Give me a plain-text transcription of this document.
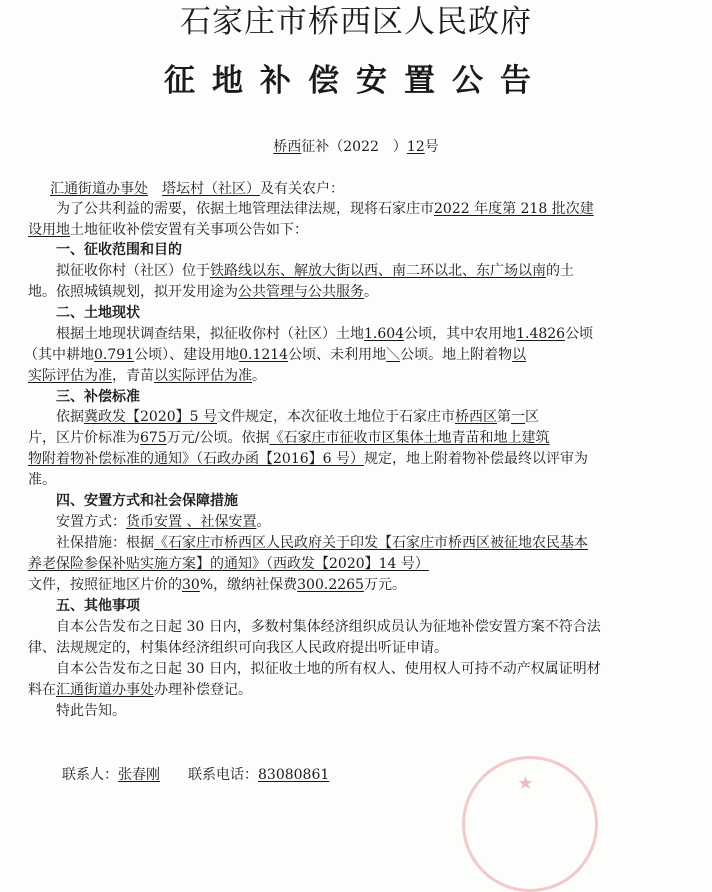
石家庄市桥西区人民政府
征地补偿安置公告
桥西征补（2022　）12号
汇通街道办事处　 塔坛村（社区）及有关农户：
为了公共利益的需要，依据土地管理法律法规，现将石家庄市2022 年度第 218 批次建
设用地土地征收补偿安置有关事项公告如下：
一、征收范围和目的
拟征收你村（社区）位于铁路线以东、解放大街以西、南二环以北、东广场以南的土
地。依照城镇规划，拟开发用途为公共管理与公共服务。
二、土地现状
根据土地现状调查结果，拟征收你村（社区）土地1.604公顷，其中农用地1.4826公顷
（其中耕地0.791公顷）、建设用地0.1214公顷、未利用地＼公顷。地上附着物以
实际评估为准，青苗以实际评估为准。
三、补偿标准
依据冀政发【2020】5 号文件规定，本次征收土地位于石家庄市桥西区第一区
片，区片价标准为675万元/公顷。依据《石家庄市征收市区集体土地青苗和地上建筑
物附着物补偿标准的通知》（石政办函【2016】6 号）规定，地上附着物补偿最终以评审为
准。
四、安置方式和社会保障措施
安置方式：货币安置 、社保安置。
社保措施：根据《石家庄市桥西区人民政府关于印发【石家庄市桥西区被征地农民基本
养老保险参保补贴实施方案】的通知》（西政发【2020】14 号）
文件，按照征地区片价的30%，缴纳社保费300.2265万元。
五、其他事项
自本公告发布之日起 30 日内，多数村集体经济组织成员认为征地补偿安置方案不符合法
律、法规规定的，村集体经济组织可向我区人民政府提出听证申请。
自本公告发布之日起 30 日内，拟征收土地的所有权人、使用权人可持不动产权属证明材
料在汇通街道办事处办理补偿登记。
特此告知。
联系人：张春刚　　 联系电话：83080861	★
